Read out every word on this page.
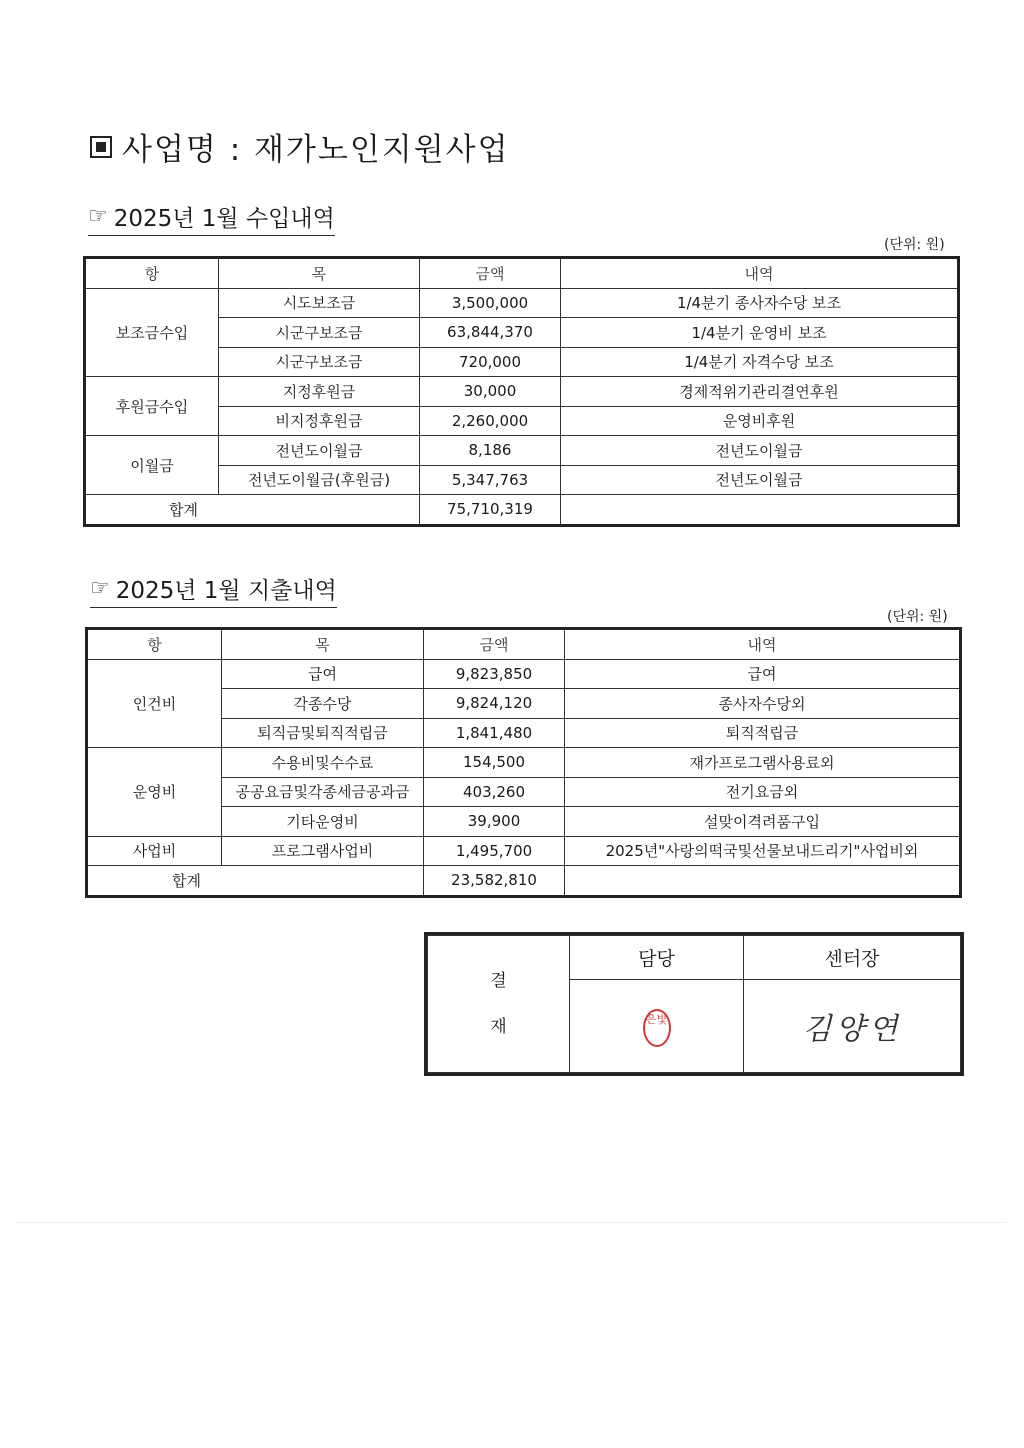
사업명 : 재가노인지원사업
☞ 2025년 1월 수입내역
(단위: 원)
항	목	금액	내역
보조금수입	시도보조금	3,500,000	1/4분기 종사자수당 보조
	시군구보조금	63,844,370	1/4분기 운영비 보조
	시군구보조금	720,000	1/4분기 자격수당 보조
후원금수입	지정후원금	30,000	경제적위기관리결연후원
	비지정후원금	2,260,000	운영비후원
이월금	전년도이월금	8,186	전년도이월금
	전년도이월금(후원금)	5,347,763	전년도이월금
합계		75,710,319	
☞ 2025년 1월 지출내역
(단위: 원)
항	목	금액	내역
인건비	급여	9,823,850	급여
	각종수당	9,824,120	종사자수당외
	퇴직금및퇴직적립금	1,841,480	퇴직적립금
운영비	수용비및수수료	154,500	재가프로그램사용료외
	공공요금및각종세금공과금	403,260	전기요금외
	기타운영비	39,900	설맞이격려품구입
사업비	프로그램사업비	1,495,700	2025년"사랑의떡국및선물보내드리기"사업비외
합계		23,582,810	
결
재	담당	센터장
	은빛	김양연
